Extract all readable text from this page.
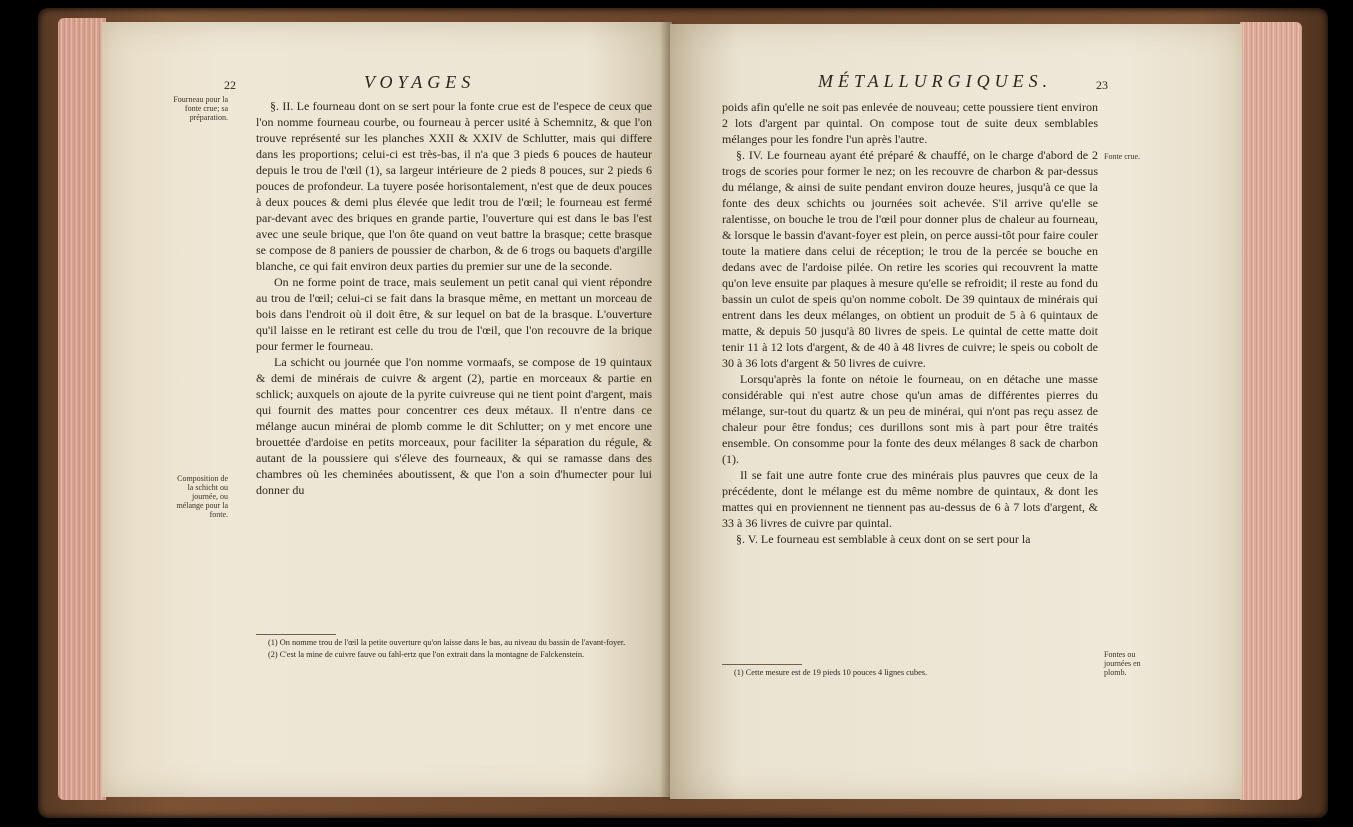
22	VOYAGES
Fourneau pour la fonte crue; sa préparation.
Composition de la schicht ou journée, ou mélange pour la fonte.

§. II. Le fourneau dont on se sert pour la fonte crue est de l'espece de ceux que l'on nomme fourneau courbe, ou fourneau à percer usité à Schemnitz, & que l'on trouve représenté sur les planches XXII & XXIV de Schlutter, mais qui differe dans les proportions; celui-ci est très-bas, il n'a que 3 pieds 6 pouces de hauteur depuis le trou de l'œil (1), sa largeur intérieure de 2 pieds 8 pouces, sur 2 pieds 6 pouces de profondeur. La tuyere posée horisontalement, n'est que de deux pouces à deux pouces & demi plus élevée que ledit trou de l'œil; le fourneau est fermé par-devant avec des briques en grande partie, l'ouverture qui est dans le bas l'est avec une seule brique, que l'on ôte quand on veut battre la brasque; cette brasque se compose de 8 paniers de poussier de charbon, & de 6 trogs ou baquets d'argille blanche, ce qui fait environ deux parties du premier sur une de la seconde.

On ne forme point de trace, mais seulement un petit canal qui vient répondre au trou de l'œil; celui-ci se fait dans la brasque même, en mettant un morceau de bois dans l'endroit où il doit être, & sur lequel on bat de la brasque. L'ouverture qu'il laisse en le retirant est celle du trou de l'œil, que l'on recouvre de la brique pour fermer le fourneau.

La schicht ou journée que l'on nomme vormaafs, se compose de 19 quintaux & demi de minérais de cuivre & argent (2), partie en morceaux & partie en schlick; auxquels on ajoute de la pyrite cuivreuse qui ne tient point d'argent, mais qui fournit des mattes pour concentrer ces deux métaux. Il n'entre dans ce mélange aucun minérai de plomb comme le dit Schlutter; on y met encore une brouettée d'ardoise en petits morceaux, pour faciliter la séparation du régule, & autant de la poussiere qui s'éleve des fourneaux, & qui se ramasse dans des chambres où les cheminées aboutissent, & que l'on a soin d'humecter pour lui donner du

(1) On nomme trou de l'œil la petite ouverture qu'on laisse dans le bas, au niveau du bassin de l'avant-foyer.

(2) C'est la mine de cuivre fauve ou fahl-ertz que l'on extrait dans la montagne de Falckenstein.

MÉTALLURGIQUES.	23
Fonte crue.
Fontes ou journées en plomb.

poids afin qu'elle ne soit pas enlevée de nouveau; cette poussiere tient environ 2 lots d'argent par quintal. On compose tout de suite deux semblables mélanges pour les fondre l'un après l'autre.

§. IV. Le fourneau ayant été préparé & chauffé, on le charge d'abord de 2 trogs de scories pour former le nez; on les recouvre de charbon & par-dessus du mélange, & ainsi de suite pendant environ douze heures, jusqu'à ce que la fonte des deux schichts ou journées soit achevée. S'il arrive qu'elle se ralentisse, on bouche le trou de l'œil pour donner plus de chaleur au fourneau, & lorsque le bassin d'avant-foyer est plein, on perce aussi-tôt pour faire couler toute la matiere dans celui de réception; le trou de la percée se bouche en dedans avec de l'ardoise pilée. On retire les scories qui recouvrent la matte qu'on leve ensuite par plaques à mesure qu'elle se refroidit; il reste au fond du bassin un culot de speis qu'on nomme cobolt. De 39 quintaux de minérais qui entrent dans les deux mélanges, on obtient un produit de 5 à 6 quintaux de matte, & depuis 50 jusqu'à 80 livres de speis. Le quintal de cette matte doit tenir 11 à 12 lots d'argent, & de 40 à 48 livres de cuivre; le speis ou cobolt de 30 à 36 lots d'argent & 50 livres de cuivre.

Lorsqu'après la fonte on nétoie le fourneau, on en détache une masse considérable qui n'est autre chose qu'un amas de différentes pierres du mélange, sur-tout du quartz & un peu de minérai, qui n'ont pas reçu assez de chaleur pour être fondus; ces durillons sont mis à part pour être traités ensemble. On consomme pour la fonte des deux mélanges 8 sack de charbon (1).

Il se fait une autre fonte crue des minérais plus pauvres que ceux de la précédente, dont le mélange est du même nombre de quintaux, & dont les mattes qui en proviennent ne tiennent pas au-dessus de 6 à 7 lots d'argent, & 33 à 36 livres de cuivre par quintal.

§. V. Le fourneau est semblable à ceux dont on se sert pour la

(1) Cette mesure est de 19 pieds 10 pouces 4 lignes cubes.
